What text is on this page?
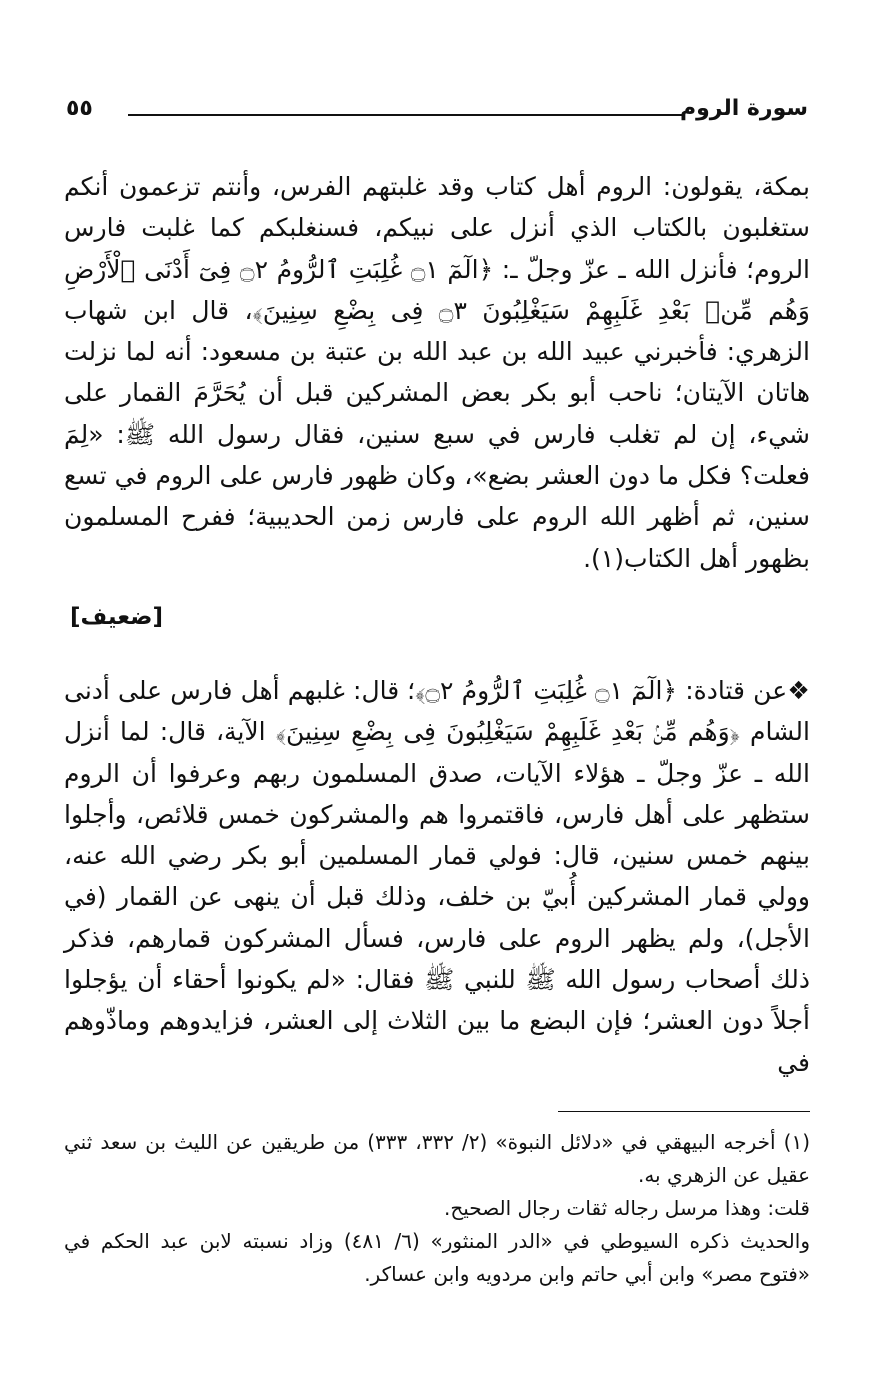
سورة الروم
٥٥
بمكة، يقولون: الروم أهل كتاب وقد غلبتهم الفرس، وأنتم تزعمون أنكم ستغلبون بالكتاب الذي أنزل على نبيكم، فسنغلبكم كما غلبت فارس الروم؛ فأنزل الله ـ عزّ وجلّ ـ: ﴿الٓمٓ ۝١ غُلِبَتِ ٱلرُّومُ ۝٢ فِىٓ أَدْنَى ٱلْأَرْضِ وَهُم مِّنۢ بَعْدِ غَلَبِهِمْ سَيَغْلِبُونَ ۝٣ فِى بِضْعِ سِنِينَ﴾، قال ابن شهاب الزهري: فأخبرني عبيد الله بن عبد الله بن عتبة بن مسعود: أنه لما نزلت هاتان الآيتان؛ ناحب أبو بكر بعض المشركين قبل أن يُحَرَّمَ القمار على شيء، إن لم تغلب فارس في سبع سنين، فقال رسول الله ﷺ: «لِمَ فعلت؟ فكل ما دون العشر بضع»، وكان ظهور فارس على الروم في تسع سنين، ثم أظهر الله الروم على فارس زمن الحديبية؛ ففرح المسلمون بظهور أهل الكتاب(١).
[ضعيف]
❖عن قتادة: ﴿الٓمٓ ۝١ غُلِبَتِ ٱلرُّومُ ۝٢﴾؛ قال: غلبهم أهل فارس على أدنى الشام ﴿وَهُم مِّنۢ بَعْدِ غَلَبِهِمْ سَيَغْلِبُونَ فِى بِضْعِ سِنِينَ﴾ الآية، قال: لما أنزل الله ـ عزّ وجلّ ـ هؤلاء الآيات، صدق المسلمون ربهم وعرفوا أن الروم ستظهر على أهل فارس، فاقتمروا هم والمشركون خمس قلائص، وأجلوا بينهم خمس سنين، قال: فولي قمار المسلمين أبو بكر رضي الله عنه، وولي قمار المشركين أُبيّ بن خلف، وذلك قبل أن ينهى عن القمار (في الأجل)، ولم يظهر الروم على فارس، فسأل المشركون قمارهم، فذكر ذلك أصحاب رسول الله ﷺ للنبي ﷺ فقال: «لم يكونوا أحقاء أن يؤجلوا أجلاً دون العشر؛ فإن البضع ما بين الثلاث إلى العشر، فزايدوهم وماذّوهم في

(١) أخرجه البيهقي في «دلائل النبوة» (٢/ ٣٣٢، ٣٣٣) من طريقين عن الليث بن سعد ثني عقيل عن الزهري به.

قلت: وهذا مرسل رجاله ثقات رجال الصحيح.

والحديث ذكره السيوطي في «الدر المنثور» (٦/ ٤٨١) وزاد نسبته لابن عبد الحكم في «فتوح مصر» وابن أبي حاتم وابن مردويه وابن عساكر.
